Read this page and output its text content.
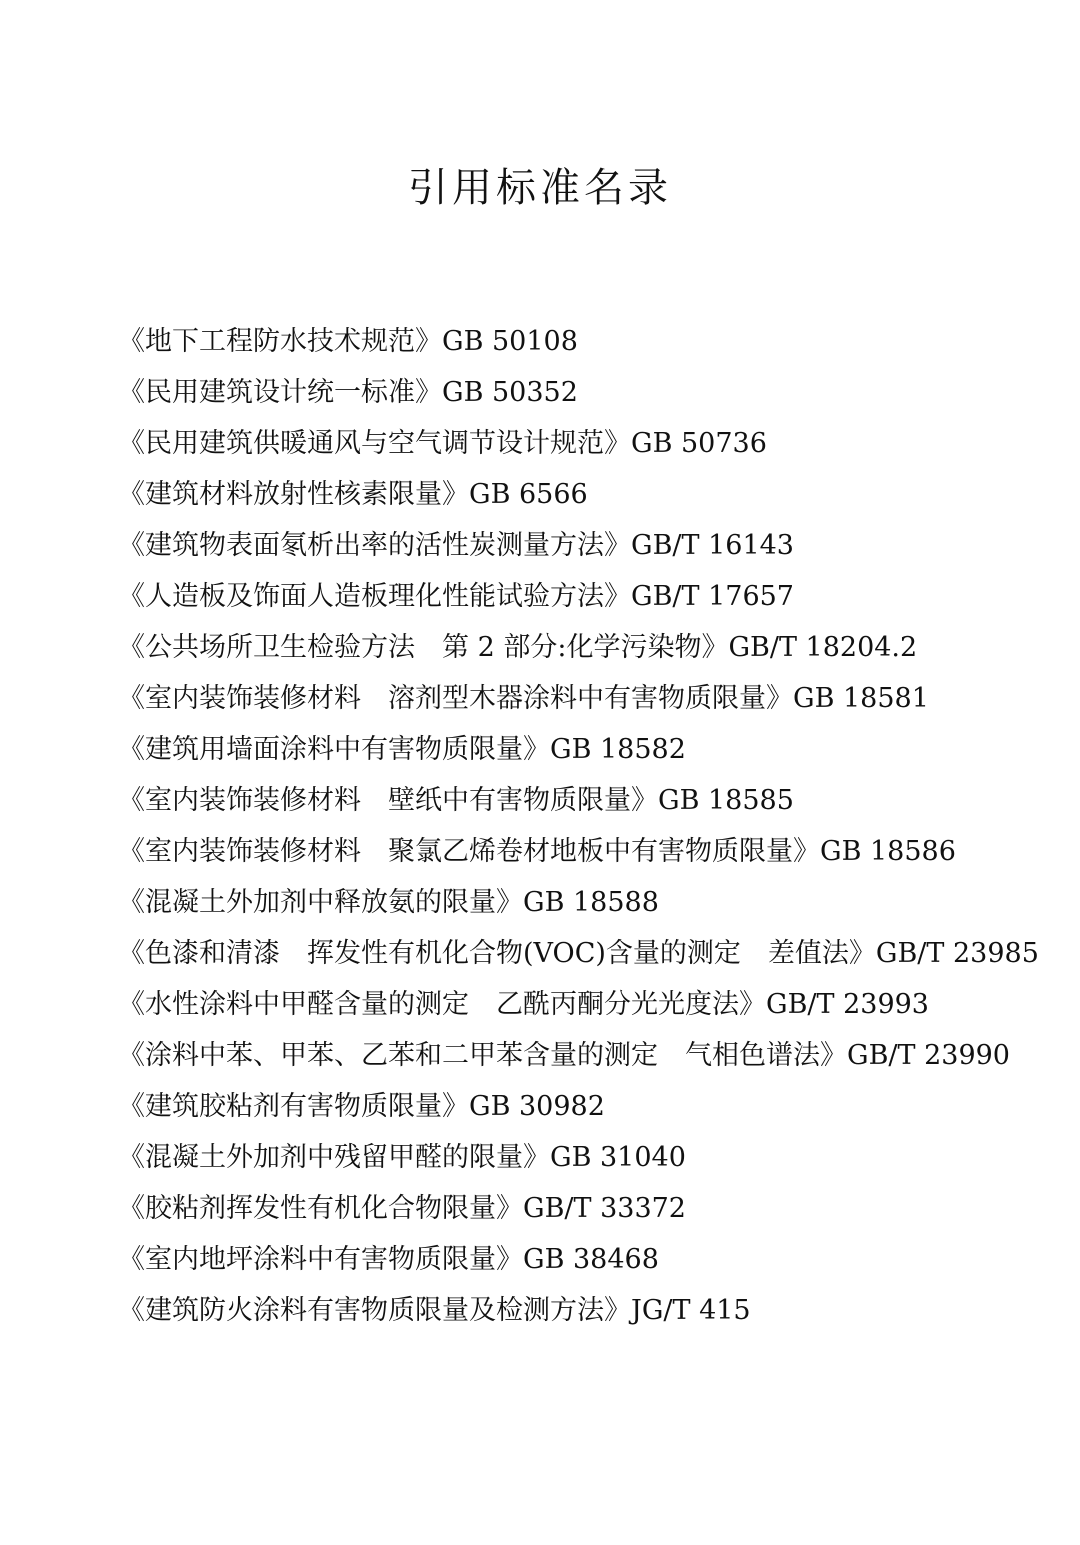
引用标准名录
《地下工程防水技术规范》GB 50108
《民用建筑设计统一标准》GB 50352
《民用建筑供暖通风与空气调节设计规范》GB 50736
《建筑材料放射性核素限量》GB 6566
《建筑物表面氡析出率的活性炭测量方法》GB/T 16143
《人造板及饰面人造板理化性能试验方法》GB/T 17657
《公共场所卫生检验方法　第 2 部分:化学污染物》GB/T 18204.2
《室内装饰装修材料　溶剂型木器涂料中有害物质限量》GB 18581
《建筑用墙面涂料中有害物质限量》GB 18582
《室内装饰装修材料　壁纸中有害物质限量》GB 18585
《室内装饰装修材料　聚氯乙烯卷材地板中有害物质限量》GB 18586
《混凝土外加剂中释放氨的限量》GB 18588
《色漆和清漆　挥发性有机化合物(VOC)含量的测定　差值法》GB/T 23985
《水性涂料中甲醛含量的测定　乙酰丙酮分光光度法》GB/T 23993
《涂料中苯、甲苯、乙苯和二甲苯含量的测定　气相色谱法》GB/T 23990
《建筑胶粘剂有害物质限量》GB 30982
《混凝土外加剂中残留甲醛的限量》GB 31040
《胶粘剂挥发性有机化合物限量》GB/T 33372
《室内地坪涂料中有害物质限量》GB 38468
《建筑防火涂料有害物质限量及检测方法》JG/T 415
